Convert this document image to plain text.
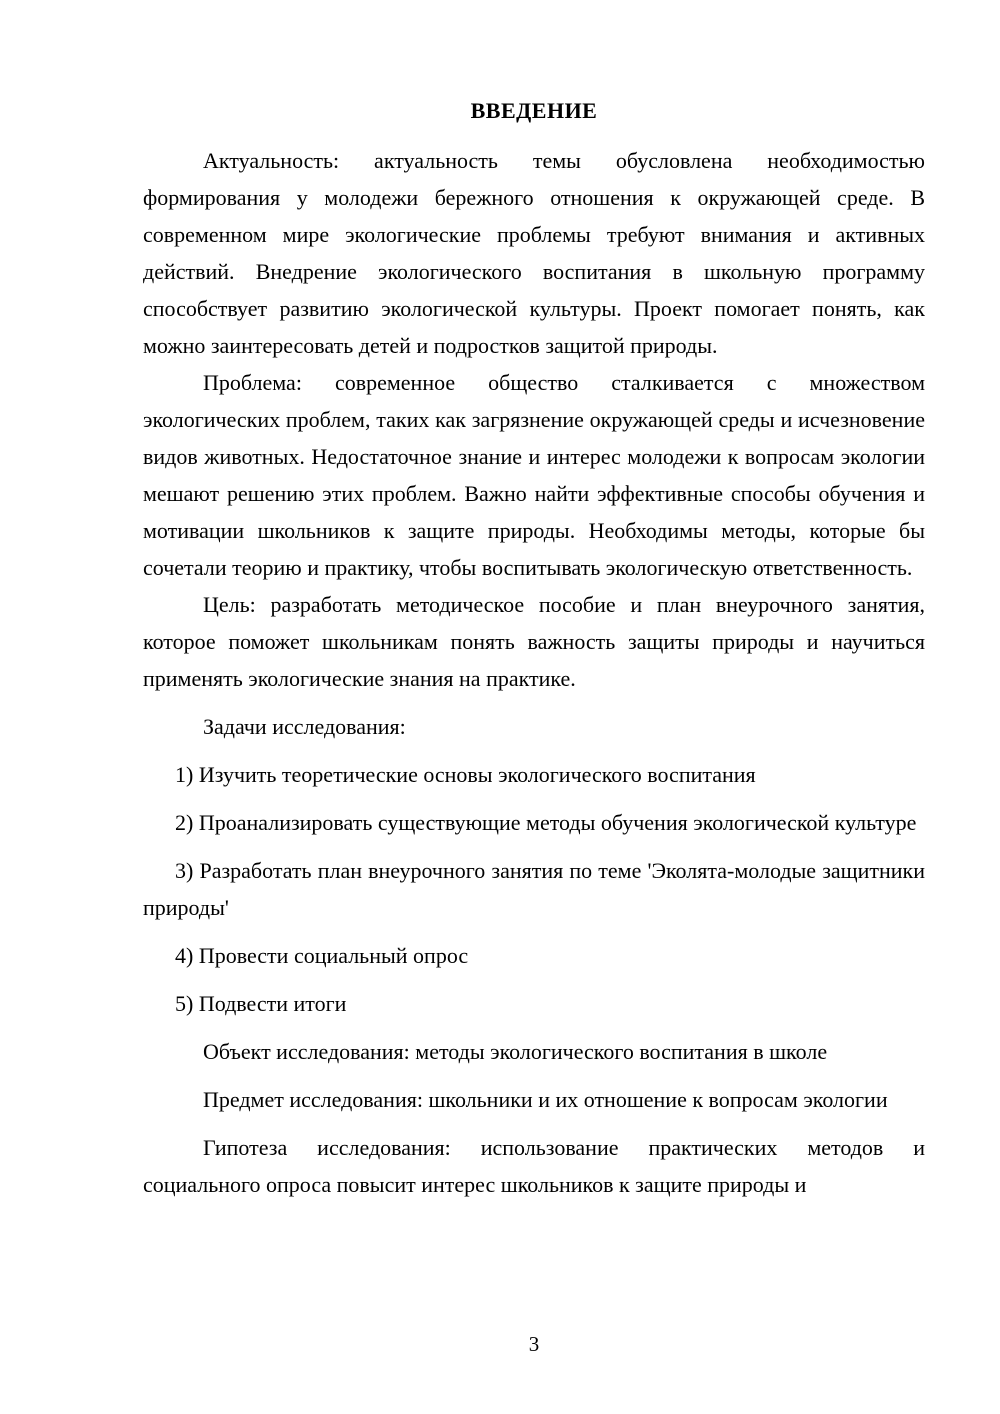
ВВЕДЕНИЕ

Актуальность: актуальность темы обусловлена необходимостью формирования у молодежи бережного отношения к окружающей среде. В современном мире экологические проблемы требуют внимания и активных действий. Внедрение экологического воспитания в школьную программу способствует развитию экологической культуры. Проект помогает понять, как можно заинтересовать детей и подростков защитой природы.

Проблема: современное общество сталкивается с множеством экологических проблем, таких как загрязнение окружающей среды и исчезновение видов животных. Недостаточное знание и интерес молодежи к вопросам экологии мешают решению этих проблем. Важно найти эффективные способы обучения и мотивации школьников к защите природы. Необходимы методы, которые бы сочетали теорию и практику, чтобы воспитывать экологическую ответственность.

Цель: разработать методическое пособие и план внеурочного занятия, которое поможет школьникам понять важность защиты природы и научиться применять экологические знания на практике.

Задачи исследования:

1) Изучить теоретические основы экологического воспитания

2) Проанализировать существующие методы обучения экологической культуре

3) Разработать план внеурочного занятия по теме 'Эколята-молодые защитники природы'

4) Провести социальный опрос

5) Подвести итоги

Объект исследования: методы экологического воспитания в школе

Предмет исследования: школьники и их отношение к вопросам экологии

Гипотеза исследования: использование практических методов и социального опроса повысит интерес школьников к защите природы и

3
